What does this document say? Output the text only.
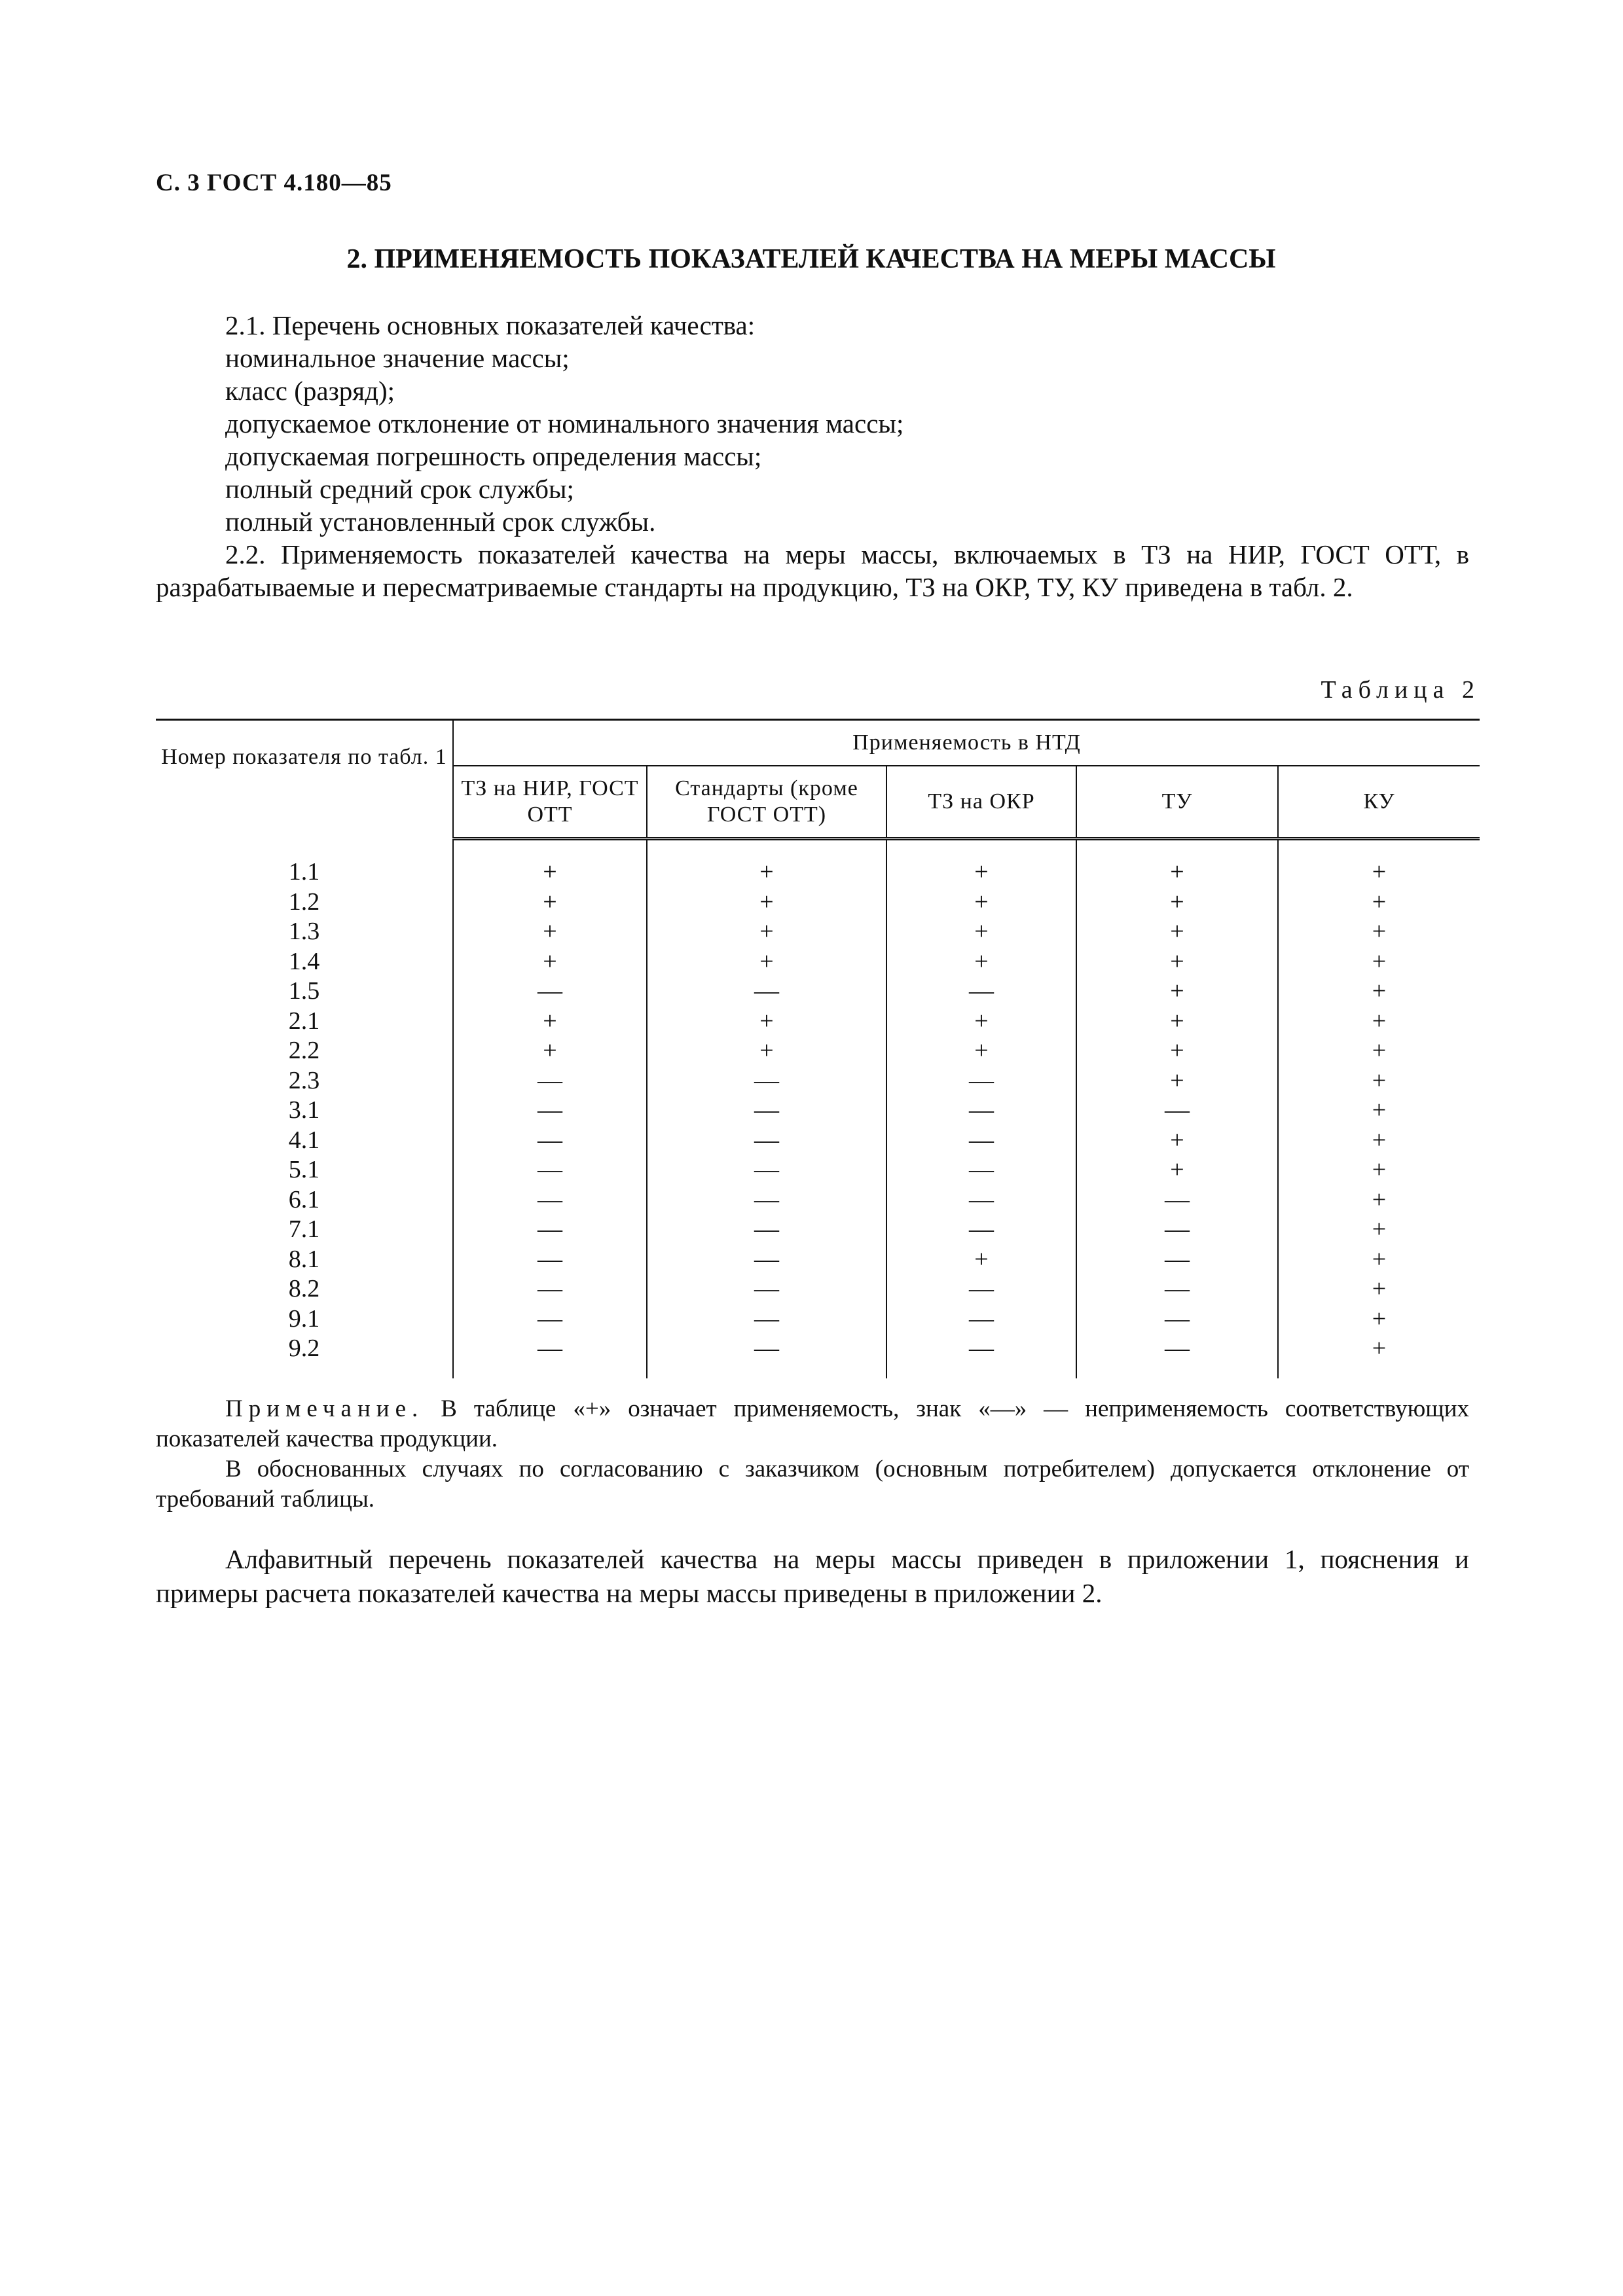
С. 3 ГОСТ 4.180—85
2. ПРИМЕНЯЕМОСТЬ ПОКАЗАТЕЛЕЙ КАЧЕСТВА НА МЕРЫ МАССЫ
2.1. Перечень основных показателей качества:
номинальное значение массы;
класс (разряд);
допускаемое отклонение от номинального значения массы;
допускаемая погрешность определения массы;
полный средний срок службы;
полный установленный срок службы.
2.2. Применяемость показателей качества на меры массы, включаемых в ТЗ на НИР, ГОСТ ОТТ, в разрабатываемые и пересматриваемые стандарты на продукцию, ТЗ на ОКР, ТУ, КУ приведена в табл. 2.
Таблица 2
Номер показателя по табл. 1	Применяемость в НТД				
	ТЗ на НИР, ГОСТ ОТТ	Стандарты (кроме ГОСТ ОТТ)	ТЗ на ОКР	ТУ	КУ

1.1	+	+	+	+	+
1.2	+	+	+	+	+
1.3	+	+	+	+	+
1.4	+	+	+	+	+
1.5	—	—	—	+	+
2.1	+	+	+	+	+
2.2	+	+	+	+	+
2.3	—	—	—	+	+
3.1	—	—	—	—	+
4.1	—	—	—	+	+
5.1	—	—	—	+	+
6.1	—	—	—	—	+
7.1	—	—	—	—	+
8.1	—	—	+	—	+
8.2	—	—	—	—	+
9.1	—	—	—	—	+
9.2	—	—	—	—	+

Примечание. В таблице «+» означает применяемость, знак «—» — неприменяемость соответствующих показателей качества продукции.

В обоснованных случаях по согласованию с заказчиком (основным потребителем) допускается отклонение от требований таблицы.

Алфавитный перечень показателей качества на меры массы приведен в приложении 1, пояснения и примеры расчета показателей качества на меры массы приведены в приложении 2.
